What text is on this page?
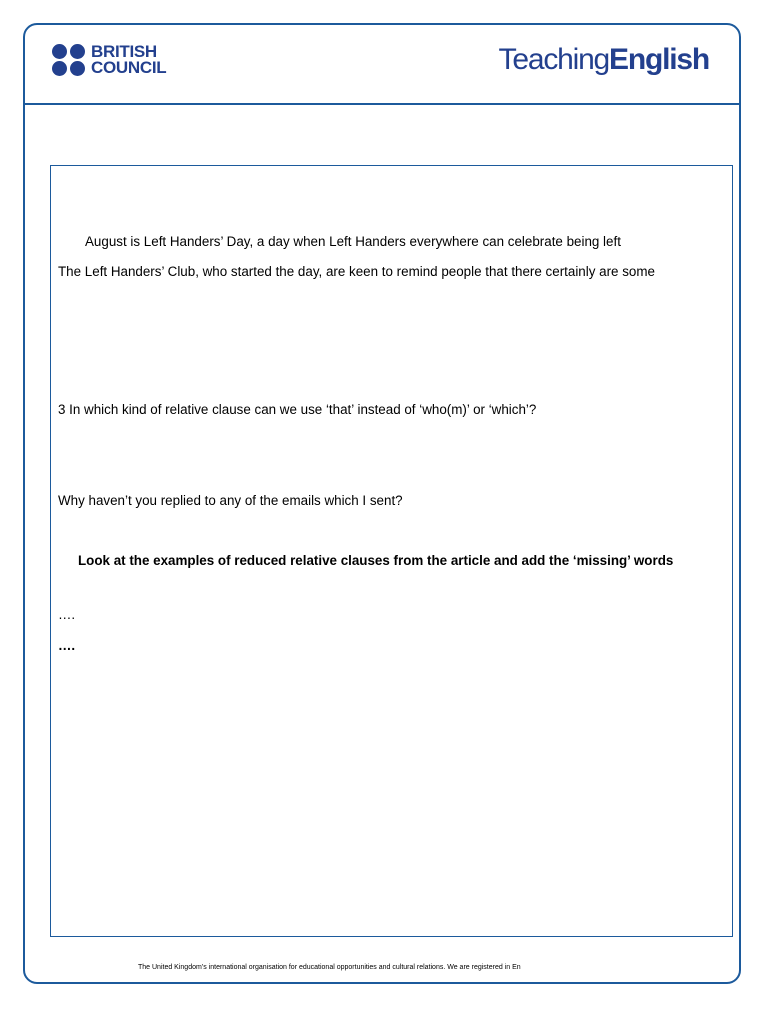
BRITISH
COUNCIL	TeachingEnglish
August is Left Handers’ Day, a day when Left Handers everywhere can celebrate being left
The Left Handers’ Club, who started the day, are keen to remind people that there certainly are some
3 In which kind of relative clause can we use ‘that’ instead of ‘who(m)’ or ‘which’?
Why haven’t you replied to any of the emails which I sent?
Look at the examples of reduced relative clauses from the article and add the ‘missing’ words
….
….
The United Kingdom’s international organisation for educational opportunities and cultural relations. We are registered in En
